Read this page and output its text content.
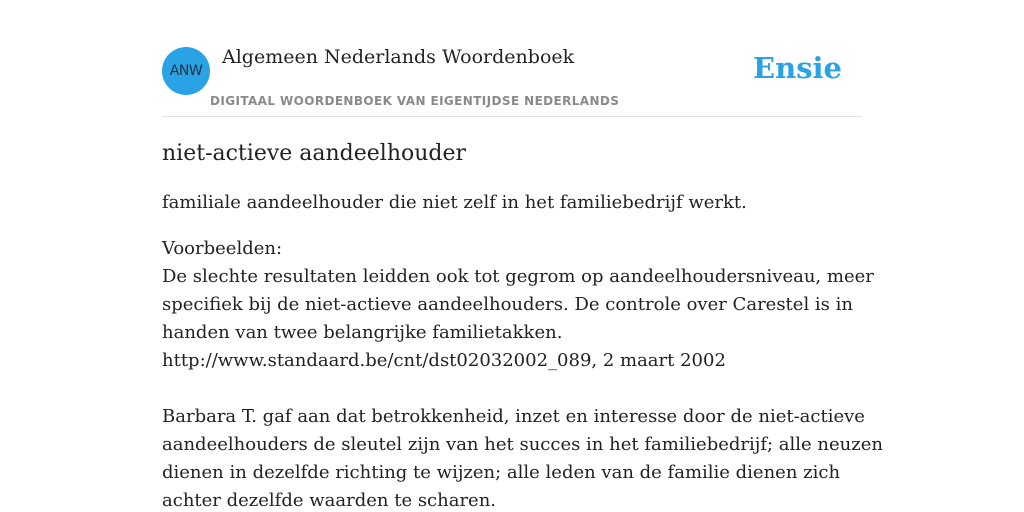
ANW
Algemeen Nederlands Woordenboek
DIGITAAL WOORDENBOEK VAN EIGENTIJDSE NEDERLANDS
Ensie
niet-actieve aandeelhouder

familiale aandeelhouder die niet zelf in het familiebedrijf werkt.

Voorbeelden:
De slechte resultaten leidden ook tot gegrom op aandeelhoudersniveau, meer
specifiek bij de niet-actieve aandeelhouders. De controle over Carestel is in
handen van twee belangrijke familietakken.
http://www.standaard.be/cnt/dst02032002_089, 2 maart 2002
Barbara T. gaf aan dat betrokkenheid, inzet en interesse door de niet-actieve
aandeelhouders de sleutel zijn van het succes in het familiebedrijf; alle neuzen
dienen in dezelfde richting te wijzen; alle leden van de familie dienen zich
achter dezelfde waarden te scharen.
